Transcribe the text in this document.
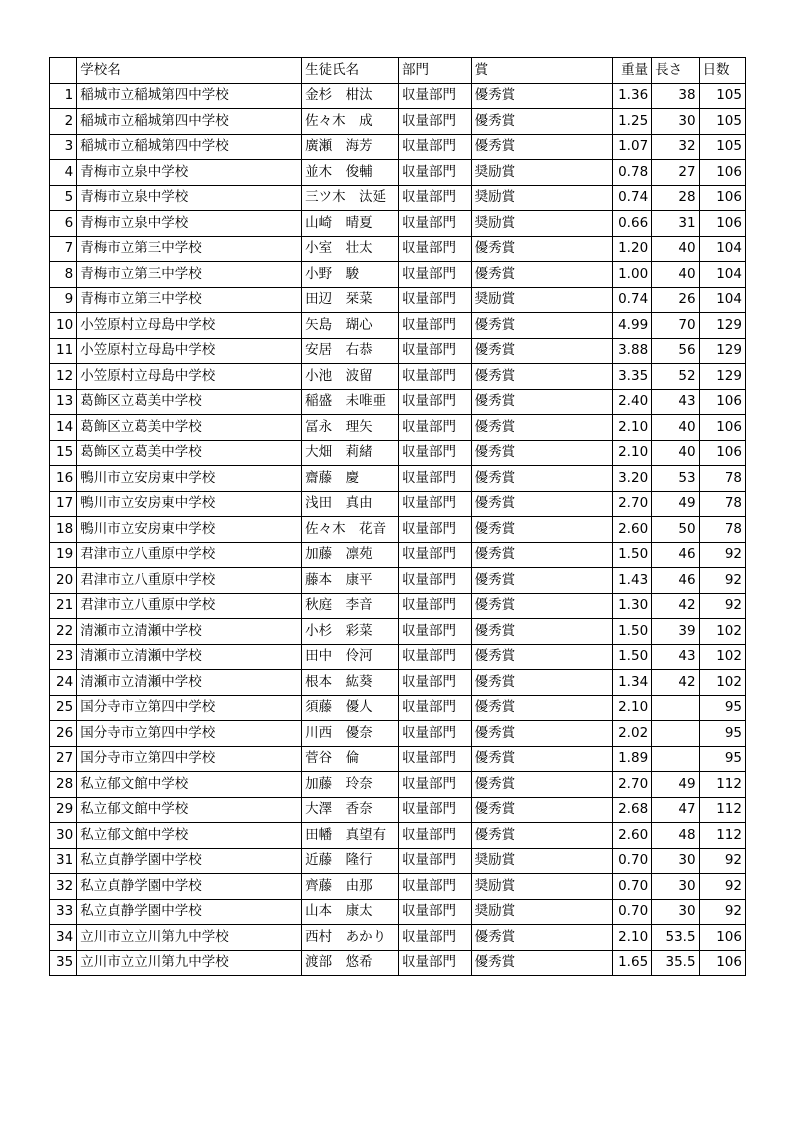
	学校名	生徒氏名	部門	賞	重量	長さ	日数
1	稲城市立稲城第四中学校	金杉　柑汰	収量部門	優秀賞	1.36	38	105
2	稲城市立稲城第四中学校	佐々木　成	収量部門	優秀賞	1.25	30	105
3	稲城市立稲城第四中学校	廣瀬　海芳	収量部門	優秀賞	1.07	32	105
4	青梅市立泉中学校	並木　俊輔	収量部門	奨励賞	0.78	27	106
5	青梅市立泉中学校	三ツ木　汰延	収量部門	奨励賞	0.74	28	106
6	青梅市立泉中学校	山崎　晴夏	収量部門	奨励賞	0.66	31	106
7	青梅市立第三中学校	小室　壮太	収量部門	優秀賞	1.20	40	104
8	青梅市立第三中学校	小野　駿	収量部門	優秀賞	1.00	40	104
9	青梅市立第三中学校	田辺　栞菜	収量部門	奨励賞	0.74	26	104
10	小笠原村立母島中学校	矢島　瑚心	収量部門	優秀賞	4.99	70	129
11	小笠原村立母島中学校	安居　右恭	収量部門	優秀賞	3.88	56	129
12	小笠原村立母島中学校	小池　波留	収量部門	優秀賞	3.35	52	129
13	葛飾区立葛美中学校	稲盛　未唯亜	収量部門	優秀賞	2.40	43	106
14	葛飾区立葛美中学校	冨永　理矢	収量部門	優秀賞	2.10	40	106
15	葛飾区立葛美中学校	大畑　莉緒	収量部門	優秀賞	2.10	40	106
16	鴨川市立安房東中学校	齋藤　慶	収量部門	優秀賞	3.20	53	78
17	鴨川市立安房東中学校	浅田　真由	収量部門	優秀賞	2.70	49	78
18	鴨川市立安房東中学校	佐々木　花音	収量部門	優秀賞	2.60	50	78
19	君津市立八重原中学校	加藤　凛苑	収量部門	優秀賞	1.50	46	92
20	君津市立八重原中学校	藤本　康平	収量部門	優秀賞	1.43	46	92
21	君津市立八重原中学校	秋庭　李音	収量部門	優秀賞	1.30	42	92
22	清瀬市立清瀬中学校	小杉　彩菜	収量部門	優秀賞	1.50	39	102
23	清瀬市立清瀬中学校	田中　伶河	収量部門	優秀賞	1.50	43	102
24	清瀬市立清瀬中学校	根本　紘葵	収量部門	優秀賞	1.34	42	102
25	国分寺市立第四中学校	須藤　優人	収量部門	優秀賞	2.10		95
26	国分寺市立第四中学校	川西　優奈	収量部門	優秀賞	2.02		95
27	国分寺市立第四中学校	菅谷　倫	収量部門	優秀賞	1.89		95
28	私立郁文館中学校	加藤　玲奈	収量部門	優秀賞	2.70	49	112
29	私立郁文館中学校	大澤　香奈	収量部門	優秀賞	2.68	47	112
30	私立郁文館中学校	田幡　真望有	収量部門	優秀賞	2.60	48	112
31	私立貞静学園中学校	近藤　隆行	収量部門	奨励賞	0.70	30	92
32	私立貞静学園中学校	齊藤　由那	収量部門	奨励賞	0.70	30	92
33	私立貞静学園中学校	山本　康太	収量部門	奨励賞	0.70	30	92
34	立川市立立川第九中学校	西村　あかり	収量部門	優秀賞	2.10	53.5	106
35	立川市立立川第九中学校	渡部　悠希	収量部門	優秀賞	1.65	35.5	106
